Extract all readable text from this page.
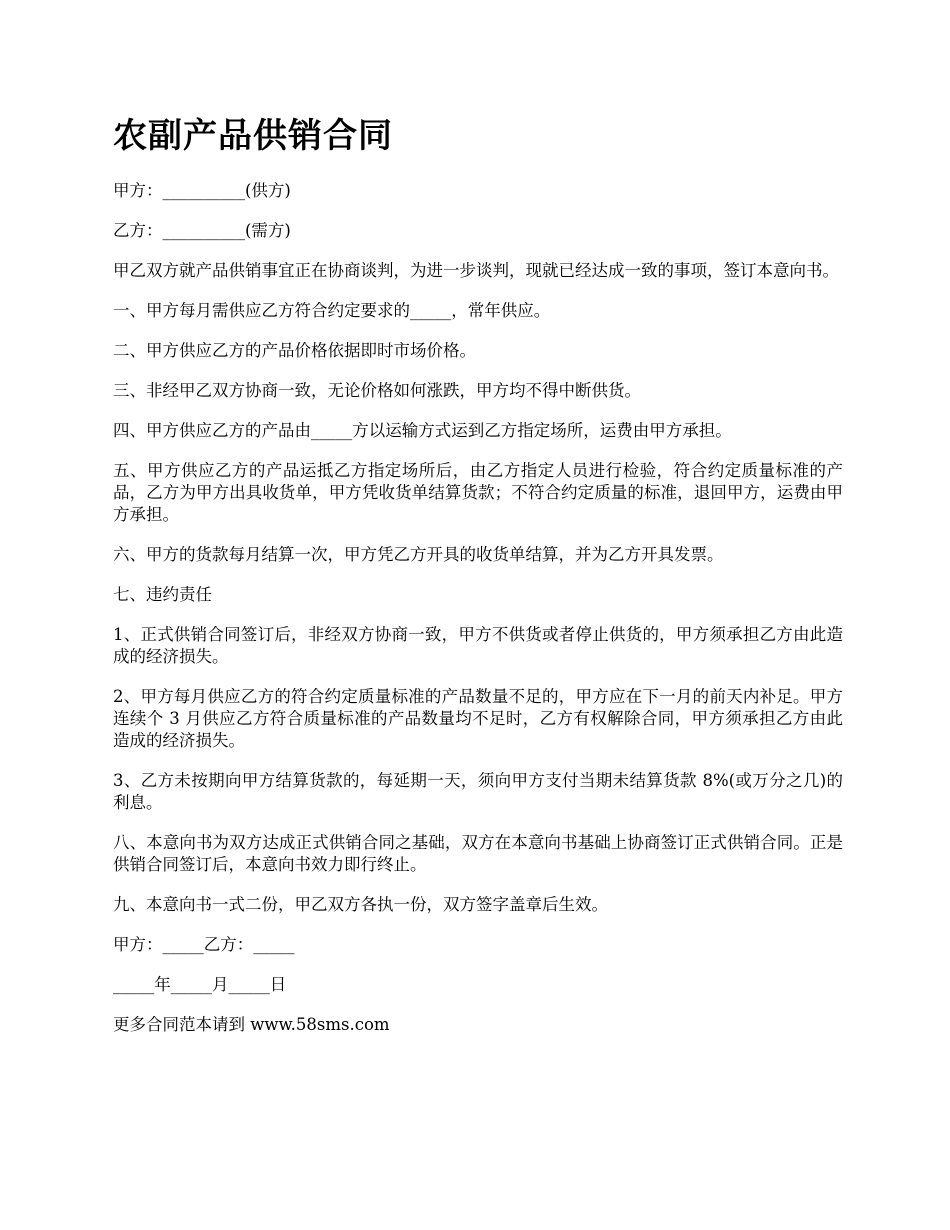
农副产品供销合同

甲方：__________(供方)

乙方：__________(需方)

甲乙双方就产品供销事宜正在协商谈判，为进一步谈判，现就已经达成一致的事项，签订本意向书。

一、甲方每月需供应乙方符合约定要求的_____，常年供应。

二、甲方供应乙方的产品价格依据即时市场价格。

三、非经甲乙双方协商一致，无论价格如何涨跌，甲方均不得中断供货。

四、甲方供应乙方的产品由_____方以运输方式运到乙方指定场所，运费由甲方承担。

五、甲方供应乙方的产品运抵乙方指定场所后，由乙方指定人员进行检验，符合约定质量标准的产品，乙方为甲方出具收货单，甲方凭收货单结算货款；不符合约定质量的标准，退回甲方，运费由甲方承担。

六、甲方的货款每月结算一次，甲方凭乙方开具的收货单结算，并为乙方开具发票。

七、违约责任

1、正式供销合同签订后，非经双方协商一致，甲方不供货或者停止供货的，甲方须承担乙方由此造成的经济损失。

2、甲方每月供应乙方的符合约定质量标准的产品数量不足的，甲方应在下一月的前天内补足。甲方连续个 3 月供应乙方符合质量标准的产品数量均不足时，乙方有权解除合同，甲方须承担乙方由此造成的经济损失。

3、乙方未按期向甲方结算货款的，每延期一天，须向甲方支付当期未结算货款 8%(或万分之几)的利息。

八、本意向书为双方达成正式供销合同之基础，双方在本意向书基础上协商签订正式供销合同。正是供销合同签订后，本意向书效力即行终止。

九、本意向书一式二份，甲乙双方各执一份，双方签字盖章后生效。

甲方：_____乙方：_____

_____年_____月_____日

更多合同范本请到 www.58sms.com
